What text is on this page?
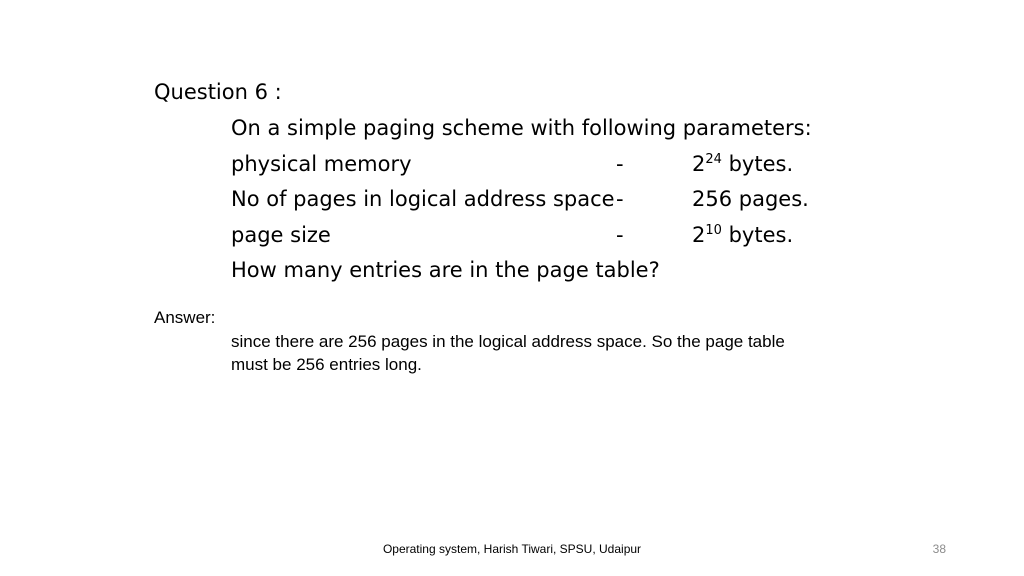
Question 6 :
On a simple paging scheme with following parameters:
physical memory	-	$2^{24}$ bytes.
No of pages in logical address space -	256 pages.
page size	-	$2^{10}$ bytes.
How many entries are in the page table?
Answer:
since there are 256 pages in the logical address space. So the page table
must be 256 entries long.
Operating system, Harish Tiwari, SPSU, Udaipur	38
